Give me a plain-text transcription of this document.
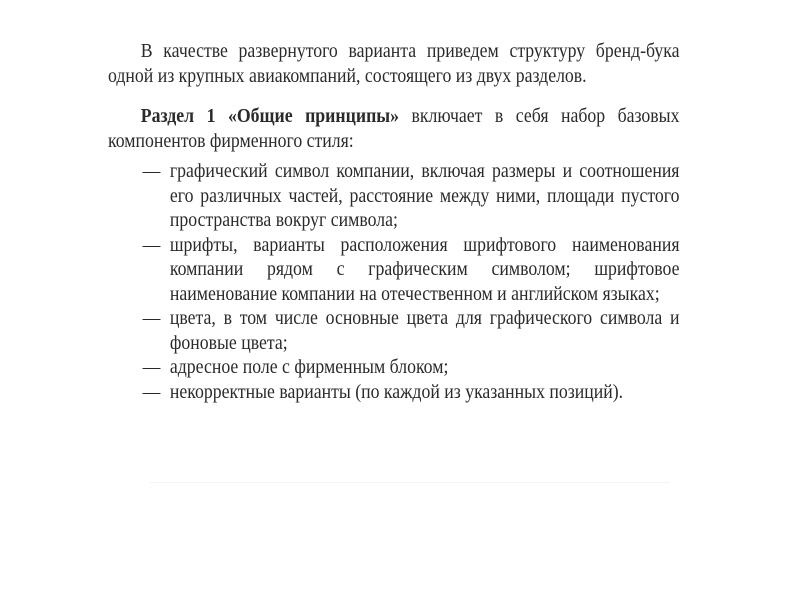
В качестве развернутого варианта приведем структуру бренд-бука одной из крупных авиакомпаний, состоящего из двух разделов.

Раздел 1 «Общие принципы» включает в себя набор базовых компонентов фирменного стиля:

— графический символ компании, включая размеры и соотношения его различных частей, расстояние между ними, площади пустого пространства вокруг символа;
— шрифты, варианты расположения шрифтового наименования компании рядом с графическим символом; шрифтовое наименование компании на отечественном и английском языках;
— цвета, в том числе основные цвета для графического символа и фоновые цвета;
— адресное поле с фирменным блоком;
— некорректные варианты (по каждой из указанных позиций).
